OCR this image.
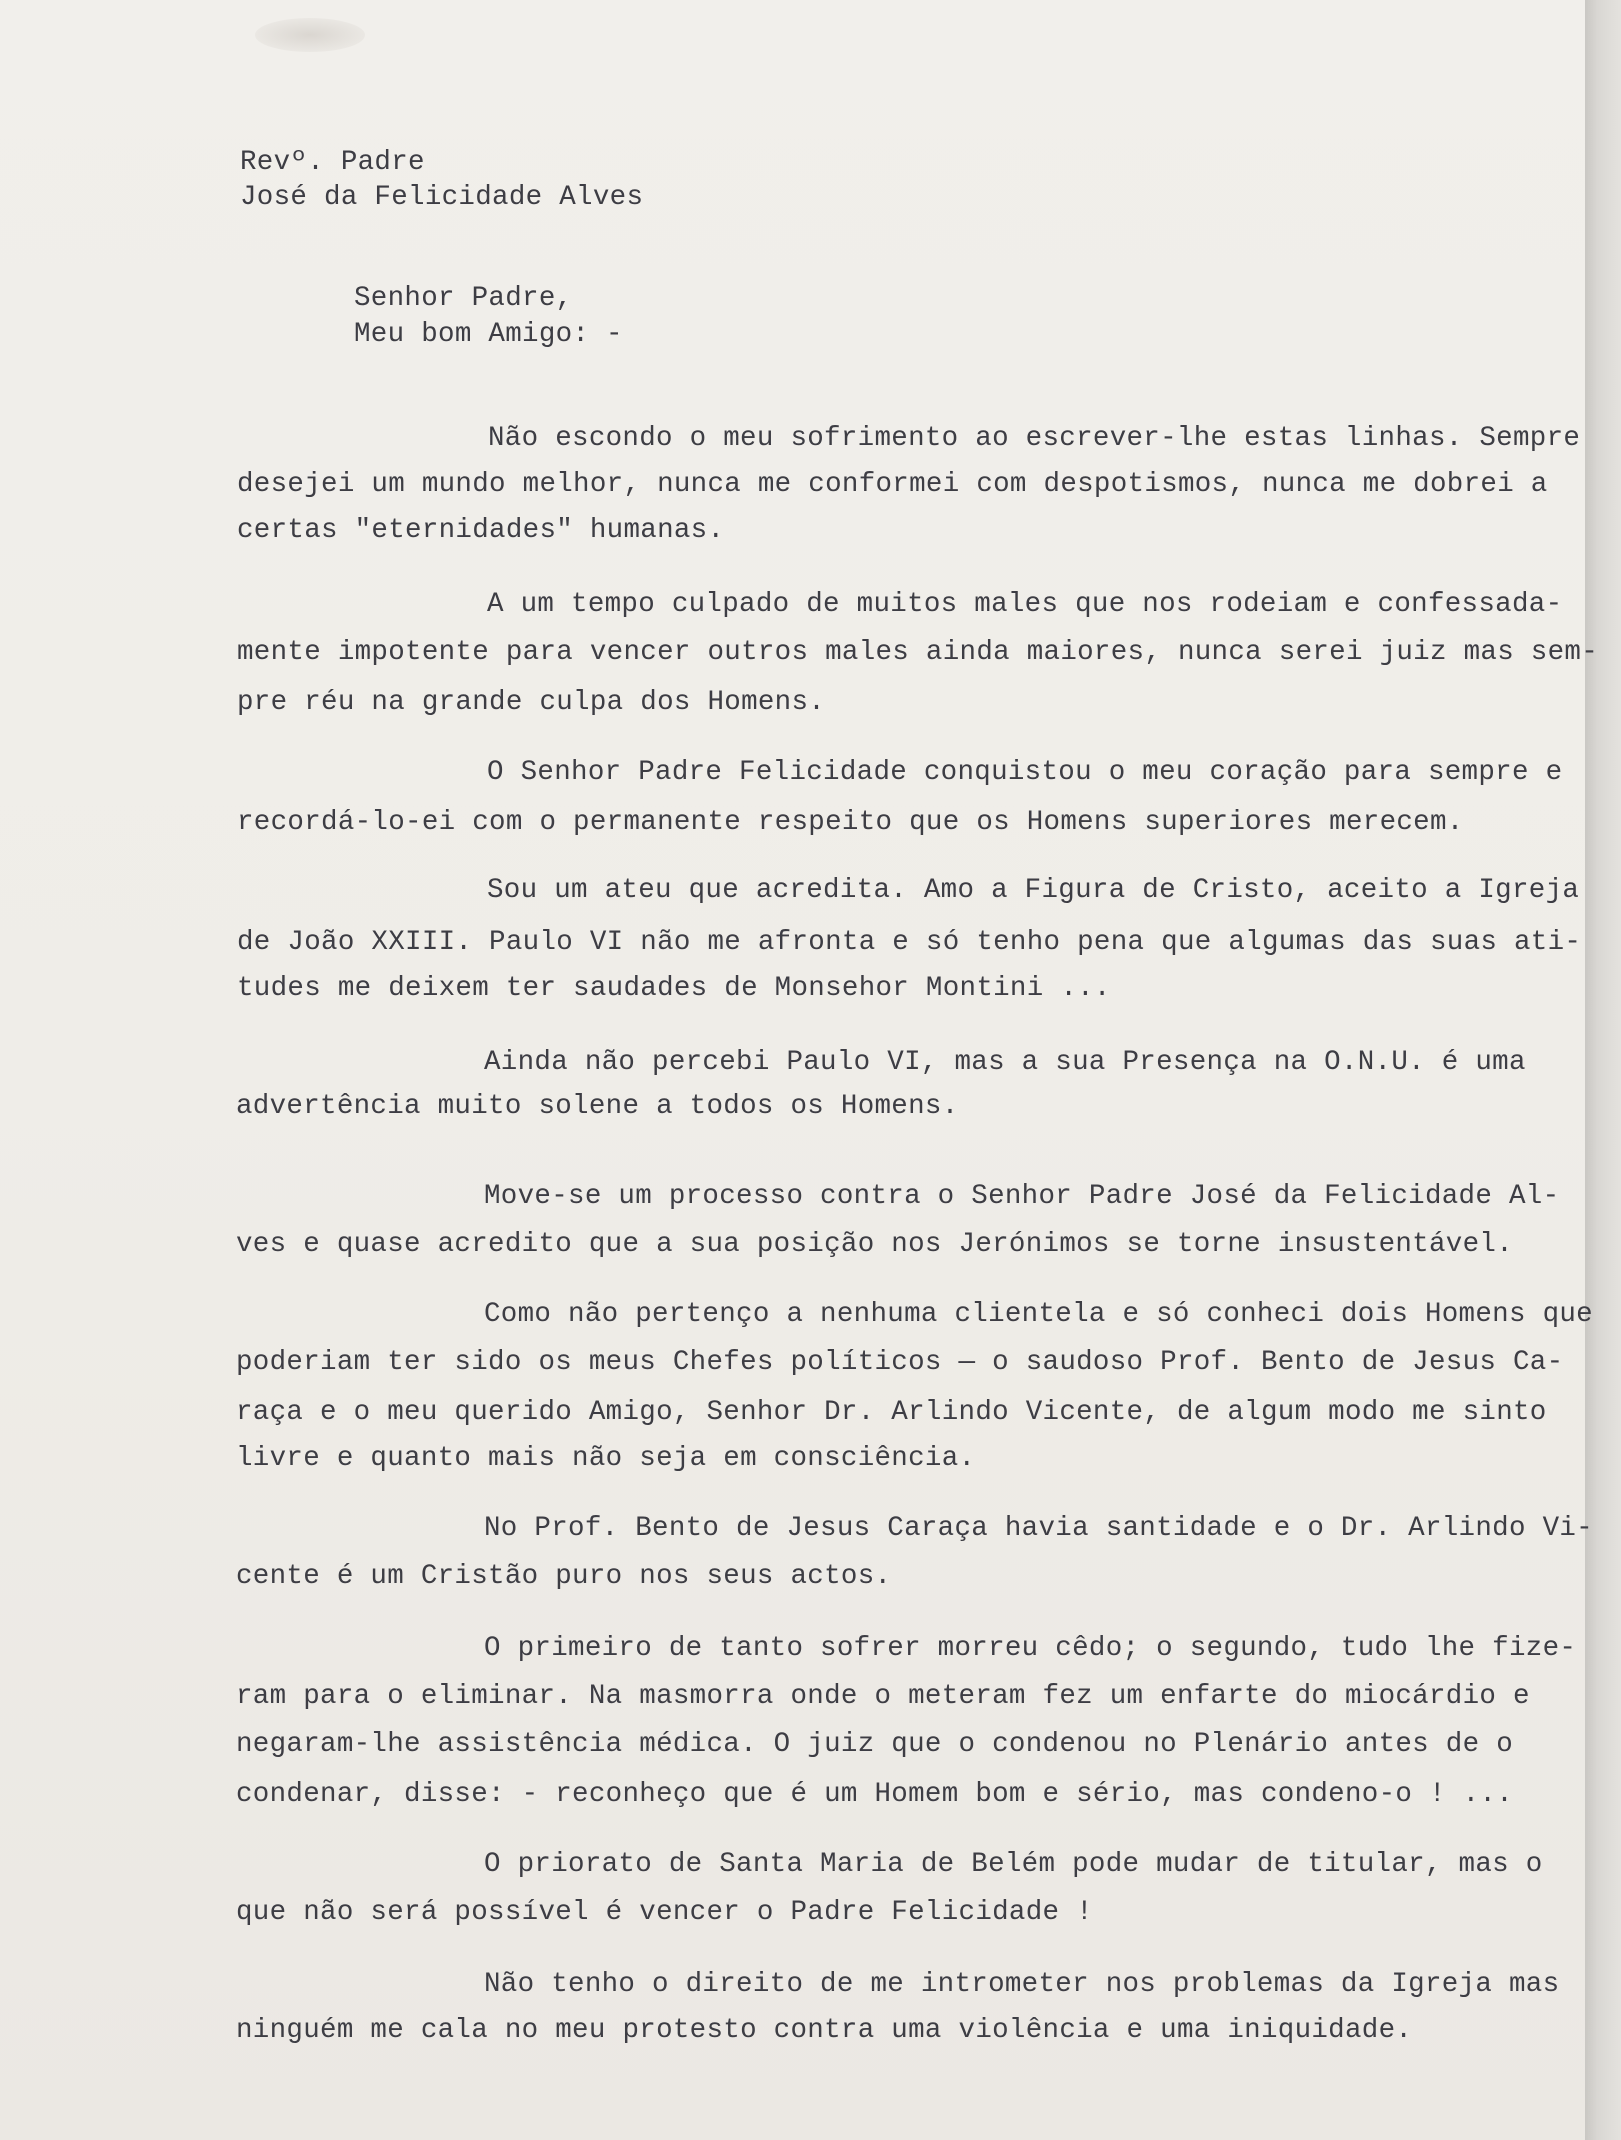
Revº. Padre
José da Felicidade Alves
Senhor Padre,
Meu bom Amigo: -
Não escondo o meu sofrimento ao escrever-lhe estas linhas. Sempre
desejei um mundo melhor, nunca me conformei com despotismos, nunca me dobrei a
certas "eternidades" humanas.
A um tempo culpado de muitos males que nos rodeiam e confessada-
mente impotente para vencer outros males ainda maiores, nunca serei juiz mas sem-
pre réu na grande culpa dos Homens.
O Senhor Padre Felicidade conquistou o meu coração para sempre e
recordá-lo-ei com o permanente respeito que os Homens superiores merecem.
Sou um ateu que acredita. Amo a Figura de Cristo, aceito a Igreja
de João XXIII. Paulo VI não me afronta e só tenho pena que algumas das suas ati-
tudes me deixem ter saudades de Monsehor Montini ...
Ainda não percebi Paulo VI, mas a sua Presença na O.N.U. é uma
advertência muito solene a todos os Homens.
Move-se um processo contra o Senhor Padre José da Felicidade Al-
ves e quase acredito que a sua posição nos Jerónimos se torne insustentável.
Como não pertenço a nenhuma clientela e só conheci dois Homens que
poderiam ter sido os meus Chefes políticos — o saudoso Prof. Bento de Jesus Ca-
raça e o meu querido Amigo, Senhor Dr. Arlindo Vicente, de algum modo me sinto
livre e quanto mais não seja em consciência.
No Prof. Bento de Jesus Caraça havia santidade e o Dr. Arlindo Vi-
cente é um Cristão puro nos seus actos.
O primeiro de tanto sofrer morreu cêdo; o segundo, tudo lhe fize-
ram para o eliminar. Na masmorra onde o meteram fez um enfarte do miocárdio e
negaram-lhe assistência médica. O juiz que o condenou no Plenário antes de o
condenar, disse: - reconheço que é um Homem bom e sério, mas condeno-o ! ...
O priorato de Santa Maria de Belém pode mudar de titular, mas o
que não será possível é vencer o Padre Felicidade !
Não tenho o direito de me intrometer nos problemas da Igreja mas
ninguém me cala no meu protesto contra uma violência e uma iniquidade.
